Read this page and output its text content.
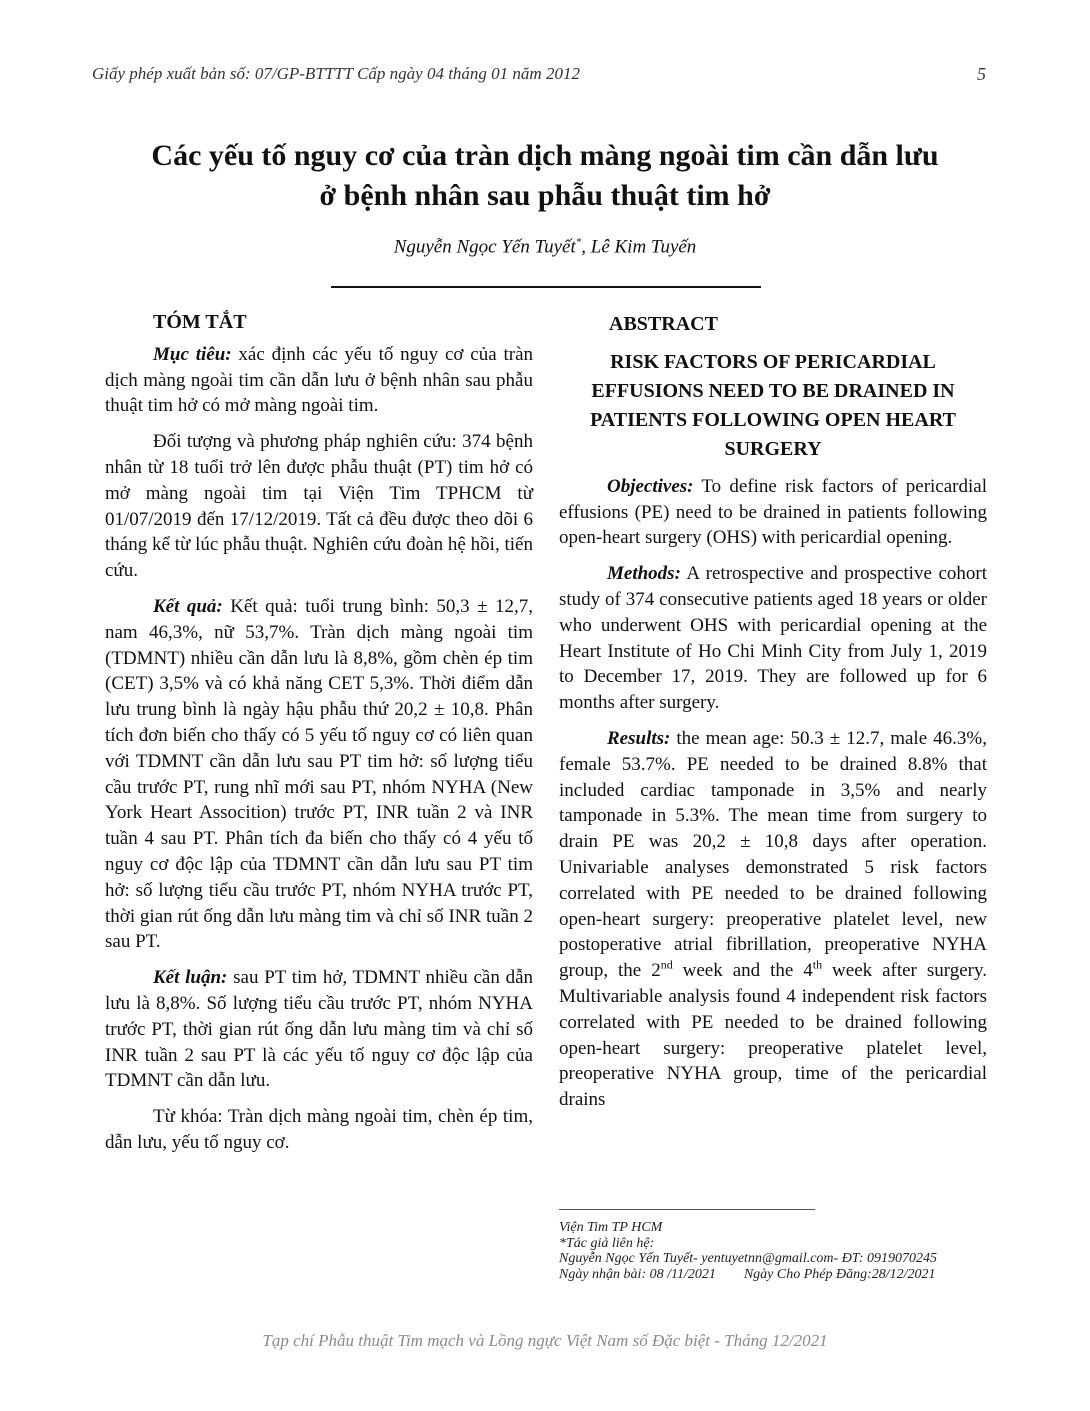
Giấy phép xuất bản số: 07/GP-BTTTT Cấp ngày 04 tháng 01 năm 2012	5
Các yếu tố nguy cơ của tràn dịch màng ngoài tim cần dẫn lưu
ở bệnh nhân sau phẫu thuật tim hở
Nguyễn Ngọc Yến Tuyết*, Lê Kim Tuyến

TÓM TẮT

Mục tiêu: xác định các yếu tố nguy cơ của tràn dịch màng ngoài tim cần dẫn lưu ở bệnh nhân sau phẫu thuật tim hở có mở màng ngoài tim.

Đối tượng và phương pháp nghiên cứu: 374 bệnh nhân từ 18 tuổi trở lên được phẫu thuật (PT) tim hở có mở màng ngoài tim tại Viện Tim TPHCM từ 01/07/2019 đến 17/12/2019. Tất cả đều được theo dõi 6 tháng kể từ lúc phẫu thuật. Nghiên cứu đoàn hệ hồi, tiến cứu.

Kết quả: Kết quả: tuổi trung bình: 50,3 ± 12,7, nam 46,3%, nữ 53,7%. Tràn dịch màng ngoài tim (TDMNT) nhiều cần dẫn lưu là 8,8%, gồm chèn ép tim (CET) 3,5% và có khả năng CET 5,3%. Thời điểm dẫn lưu trung bình là ngày hậu phẫu thứ 20,2 ± 10,8. Phân tích đơn biến cho thấy có 5 yếu tố nguy cơ có liên quan với TDMNT cần dẫn lưu sau PT tim hở: số lượng tiểu cầu trước PT, rung nhĩ mới sau PT, nhóm NYHA (New York Heart Assocition) trước PT, INR tuần 2 và INR tuần 4 sau PT. Phân tích đa biến cho thấy có 4 yếu tố nguy cơ độc lập của TDMNT cần dẫn lưu sau PT tim hở: số lượng tiểu cầu trước PT, nhóm NYHA trước PT, thời gian rút ống dẫn lưu màng tim và chỉ số INR tuần 2 sau PT.

Kết luận: sau PT tim hở, TDMNT nhiều cần dẫn lưu là 8,8%. Số lượng tiểu cầu trước PT, nhóm NYHA trước PT, thời gian rút ống dẫn lưu màng tim và chỉ số INR tuần 2 sau PT là các yếu tố nguy cơ độc lập của TDMNT cần dẫn lưu.

Từ khóa: Tràn dịch màng ngoài tim, chèn ép tim, dẫn lưu, yếu tố nguy cơ.

ABSTRACT

RISK FACTORS OF PERICARDIAL EFFUSIONS NEED TO BE DRAINED IN PATIENTS FOLLOWING OPEN HEART SURGERY

Objectives: To define risk factors of pericardial effusions (PE) need to be drained in patients following open-heart surgery (OHS) with pericardial opening.

Methods: A retrospective and prospective cohort study of 374 consecutive patients aged 18 years or older who underwent OHS with pericardial opening at the Heart Institute of Ho Chi Minh City from July 1, 2019 to December 17, 2019. They are followed up for 6 months after surgery.

Results: the mean age: 50.3 ± 12.7, male 46.3%, female 53.7%. PE needed to be drained 8.8% that included cardiac tamponade in 3,5% and nearly tamponade in 5.3%. The mean time from surgery to drain PE was 20,2 ± 10,8 days after operation. Univariable analyses demonstrated 5 risk factors correlated with PE needed to be drained following open-heart surgery: preoperative platelet level, new postoperative atrial fibrillation, preoperative NYHA group, the 2nd week and the 4th week after surgery. Multivariable analysis found 4 independent risk factors correlated with PE needed to be drained following open-heart surgery: preoperative platelet level, preoperative NYHA group, time of the pericardial drains

Viện Tim TP HCM
*Tác giả liên hệ:
Nguyễn Ngọc Yến Tuyết- yentuyetnn@gmail.com- ĐT: 0919070245
Ngày nhận bài: 08 /11/2021 Ngày Cho Phép Đăng:28/12/2021
Tạp chí Phẫu thuật Tim mạch và Lồng ngực Việt Nam số Đặc biệt - Tháng 12/2021
